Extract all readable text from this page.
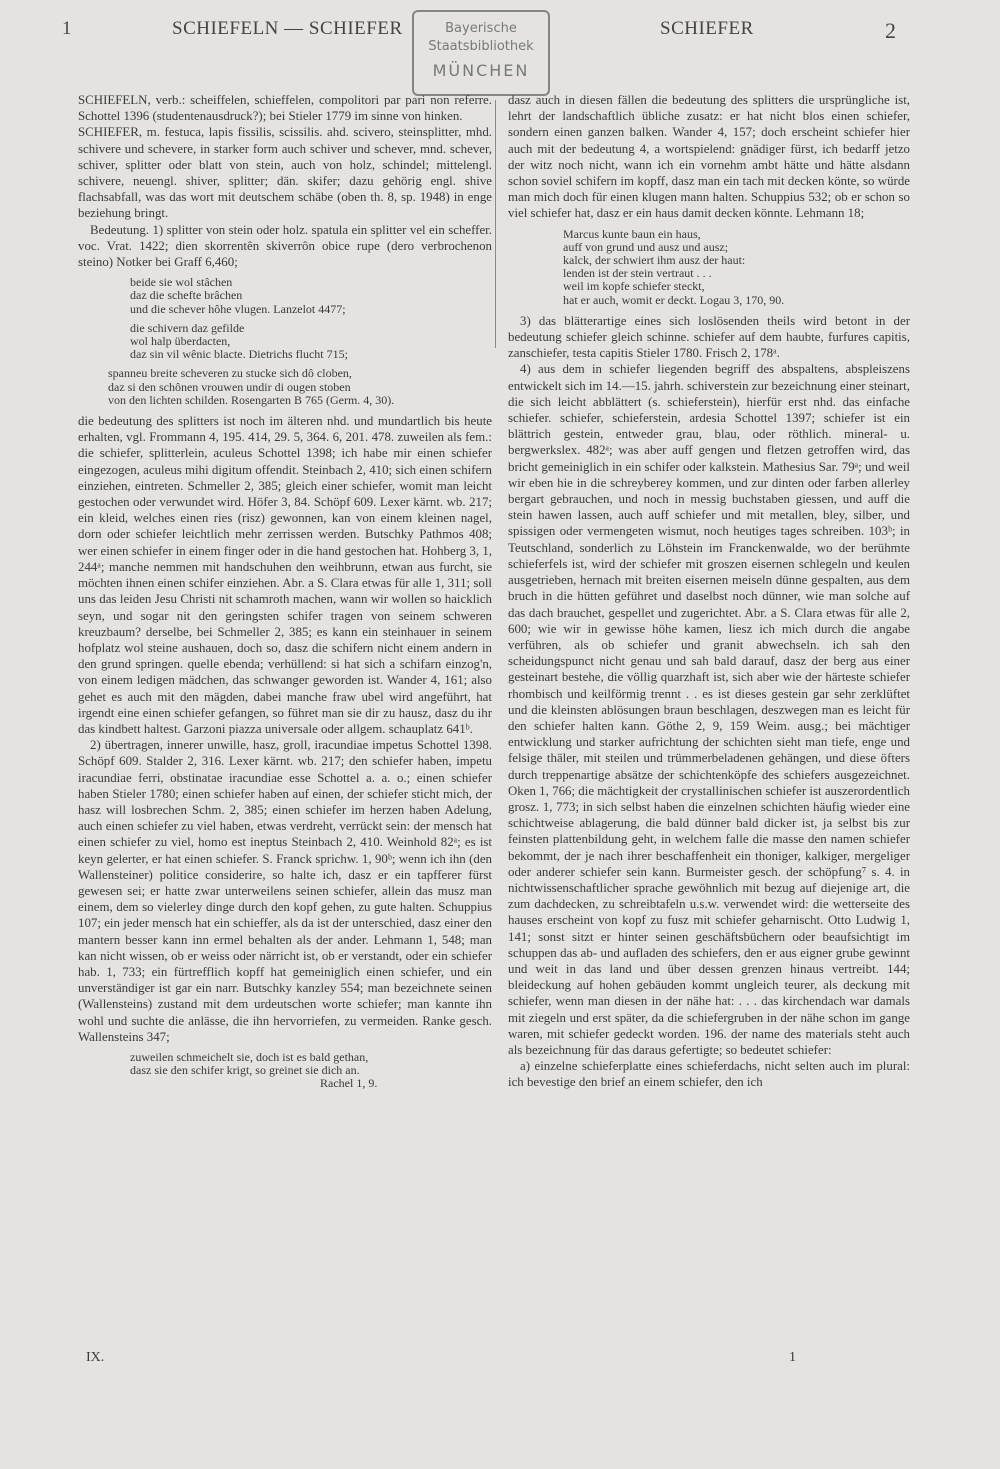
1	SCHIEFELN — SCHIEFER	SCHIEFER	2
Bayerische
Staatsbibliothek
MÜNCHEN

SCHIEFELN, verb.: scheiffelen, schieffelen, compolitori par pari non referre. Schottel 1396 (studentenausdruck?); bei Stieler 1779 im sinne von hinken.

SCHIEFER, m. festuca, lapis fissilis, scissilis. ahd. scivero, steinsplitter, mhd. schivere und schevere, in starker form auch schiver und schever, mnd. schever, schiver, splitter oder blatt von stein, auch von holz, schindel; mittelengl. schivere, neuengl. shiver, splitter; dän. skifer; dazu gehörig engl. shive flachsabfall, was das wort mit deutschem schäbe (oben th. 8, sp. 1948) in enge beziehung bringt.

Bedeutung. 1) splitter von stein oder holz. spatula ein splitter vel ein scheffer. voc. Vrat. 1422; dien skorrentên skiverrôn obice rupe (dero verbrochenon steino) Notker bei Graff 6,460;

beide sie wol stâchen
daz die schefte brâchen
und die schever hôhe vlugen. Lanzelot 4477;
die schivern daz gefilde
wol halp überdacten,
daz sin vil wênic blacte. Dietrichs flucht 715;
spanneu breite scheveren zu stucke sich dô cloben,
daz si den schônen vrouwen undir di ougen stoben
von den lichten schilden. Rosengarten B 765 (Germ. 4, 30).

die bedeutung des splitters ist noch im älteren nhd. und mundartlich bis heute erhalten, vgl. Frommann 4, 195. 414, 29. 5, 364. 6, 201. 478. zuweilen als fem.: die schiefer, splitterlein, aculeus Schottel 1398; ich habe mir einen schiefer eingezogen, aculeus mihi digitum offendit. Steinbach 2, 410; sich einen schifern einziehen, eintreten. Schmeller 2, 385; gleich einer schiefer, womit man leicht gestochen oder verwundet wird. Höfer 3, 84. Schöpf 609. Lexer kärnt. wb. 217; ein kleid, welches einen ries (risz) gewonnen, kan von einem kleinen nagel, dorn oder schiefer leichtlich mehr zerrissen werden. Butschky Pathmos 408; wer einen schiefer in einem finger oder in die hand gestochen hat. Hohberg 3, 1, 244ᵃ; manche nemmen mit handschuhen den weihbrunn, etwan aus furcht, sie möchten ihnen einen schifer einziehen. Abr. a S. Clara etwas für alle 1, 311; soll uns das leiden Jesu Christi nit schamroth machen, wann wir wollen so haicklich seyn, und sogar nit den geringsten schifer tragen von seinem schweren kreuzbaum? derselbe, bei Schmeller 2, 385; es kann ein steinhauer in seinem hofplatz wol steine aushauen, doch so, dasz die schifern nicht einem andern in den grund springen. quelle ebenda; verhüllend: si hat sich a schifarn einzog'n, von einem ledigen mädchen, das schwanger geworden ist. Wander 4, 161; also gehet es auch mit den mägden, dabei manche fraw ubel wird angeführt, hat irgendt eine einen schiefer gefangen, so führet man sie dir zu hausz, dasz du ihr das kindbett haltest. Garzoni piazza universale oder allgem. schauplatz 641ᵇ.

2) übertragen, innerer unwille, hasz, groll, iracundiae impetus Schottel 1398. Schöpf 609. Stalder 2, 316. Lexer kärnt. wb. 217; den schiefer haben, impetu iracundiae ferri, obstinatae iracundiae esse Schottel a. a. o.; einen schiefer haben Stieler 1780; einen schiefer haben auf einen, der schiefer sticht mich, der hasz will losbrechen Schm. 2, 385; einen schiefer im herzen haben Adelung, auch einen schiefer zu viel haben, etwas verdreht, verrückt sein: der mensch hat einen schiefer zu viel, homo est ineptus Steinbach 2, 410. Weinhold 82ᵃ; es ist keyn gelerter, er hat einen schiefer. S. Franck sprichw. 1, 90ᵇ; wenn ich ihn (den Wallensteiner) politice considerire, so halte ich, dasz er ein tapfferer fürst gewesen sei; er hatte zwar unterweilens seinen schiefer, allein das musz man einem, dem so vielerley dinge durch den kopf gehen, zu gute halten. Schuppius 107; ein jeder mensch hat ein schieffer, als da ist der unterschied, dasz einer den mantern besser kann inn ermel behalten als der ander. Lehmann 1, 548; man kan nicht wissen, ob er weiss oder närricht ist, ob er verstandt, oder ein schiefer hab. 1, 733; ein fürtrefflich kopff hat gemeiniglich einen schiefer, und ein unverständiger ist gar ein narr. Butschky kanzley 554; man bezeichnete seinen (Wallensteins) zustand mit dem urdeutschen worte schiefer; man kannte ihn wohl und suchte die anlässe, die ihn hervorriefen, zu vermeiden. Ranke gesch. Wallensteins 347;

zuweilen schmeichelt sie, doch ist es bald gethan,
dasz sie den schifer krigt, so greinet sie dich an.
Rachel 1, 9.

dasz auch in diesen fällen die bedeutung des splitters die ursprüngliche ist, lehrt der landschaftlich übliche zusatz: er hat nicht blos einen schiefer, sondern einen ganzen balken. Wander 4, 157; doch erscheint schiefer hier auch mit der bedeutung 4, a wortspielend: gnädiger fürst, ich bedarff jetzo der witz noch nicht, wann ich ein vornehm ambt hätte und hätte alsdann schon soviel schifern im kopff, dasz man ein tach mit decken könte, so würde man mich doch für einen klugen mann halten. Schuppius 532; ob er schon so viel schiefer hat, dasz er ein haus damit decken könnte. Lehmann 18;

Marcus kunte baun ein haus,
auff von grund und ausz und ausz;
kalck, der schwiert ihm ausz der haut:
lenden ist der stein vertraut . . .
weil im kopfe schiefer steckt,
hat er auch, womit er deckt. Logau 3, 170, 90.

3) das blätterartige eines sich loslösenden theils wird betont in der bedeutung schiefer gleich schinne. schiefer auf dem haubte, furfures capitis, zanschiefer, testa capitis Stieler 1780. Frisch 2, 178ᵃ.

4) aus dem in schiefer liegenden begriff des abspaltens, abspleiszens entwickelt sich im 14.—15. jahrh. schiverstein zur bezeichnung einer steinart, die sich leicht abblättert (s. schieferstein), hierfür erst nhd. das einfache schiefer. schiefer, schieferstein, ardesia Schottel 1397; schiefer ist ein blättrich gestein, entweder grau, blau, oder röthlich. mineral- u. bergwerkslex. 482ᵃ; was aber auff gengen und fletzen getroffen wird, das bricht gemeiniglich in ein schifer oder kalkstein. Mathesius Sar. 79ᵃ; und weil wir eben hie in die schreyberey kommen, und zur dinten oder farben allerley bergart gebrauchen, und noch in messig buchstaben giessen, und auff die stein hawen lassen, auch auff schiefer und mit metallen, bley, silber, und spissigen oder vermengeten wismut, noch heutiges tages schreiben. 103ᵇ; in Teutschland, sonderlich zu Löhstein im Franckenwalde, wo der berühmte schieferfels ist, wird der schiefer mit groszen eisernen schlegeln und keulen ausgetrieben, hernach mit breiten eisernen meiseln dünne gespalten, aus dem bruch in die hütten geführet und daselbst noch dünner, wie man solche auf das dach brauchet, gespellet und zugerichtet. Abr. a S. Clara etwas für alle 2, 600; wie wir in gewisse höhe kamen, liesz ich mich durch die angabe verführen, als ob schiefer und granit abwechseln. ich sah den scheidungspunct nicht genau und sah bald darauf, dasz der berg aus einer gesteinart bestehe, die völlig quarzhaft ist, sich aber wie der härteste schiefer rhombisch und keilförmig trennt . . es ist dieses gestein gar sehr zerklüftet und die kleinsten ablösungen braun beschlagen, deszwegen man es leicht für den schiefer halten kann. Göthe 2, 9, 159 Weim. ausg.; bei mächtiger entwicklung und starker aufrichtung der schichten sieht man tiefe, enge und felsige thäler, mit steilen und trümmerbeladenen gehängen, und diese öfters durch treppenartige absätze der schichtenköpfe des schiefers ausgezeichnet. Oken 1, 766; die mächtigkeit der crystallinischen schiefer ist auszerordentlich grosz. 1, 773; in sich selbst haben die einzelnen schichten häufig wieder eine schichtweise ablagerung, die bald dünner bald dicker ist, ja selbst bis zur feinsten plattenbildung geht, in welchem falle die masse den namen schiefer bekommt, der je nach ihrer beschaffenheit ein thoniger, kalkiger, mergeliger oder anderer schiefer sein kann. Burmeister gesch. der schöpfung⁷ s. 4. in nichtwissenschaftlicher sprache gewöhnlich mit bezug auf diejenige art, die zum dachdecken, zu schreibtafeln u.s.w. verwendet wird: die wetterseite des hauses erscheint von kopf zu fusz mit schiefer geharnischt. Otto Ludwig 1, 141; sonst sitzt er hinter seinen geschäftsbüchern oder beaufsichtigt im schuppen das ab- und aufladen des schiefers, den er aus eigner grube gewinnt und weit in das land und über dessen grenzen hinaus vertreibt. 144; bleideckung auf hohen gebäuden kommt ungleich teurer, als deckung mit schiefer, wenn man diesen in der nähe hat: . . . das kirchendach war damals mit ziegeln und erst später, da die schiefergruben in der nähe schon im gange waren, mit schiefer gedeckt worden. 196. der name des materials steht auch als bezeichnung für das daraus gefertigte; so bedeutet schiefer:

a) einzelne schieferplatte eines schieferdachs, nicht selten auch im plural: ich bevestige den brief an einem schiefer, den ich

IX.	1
